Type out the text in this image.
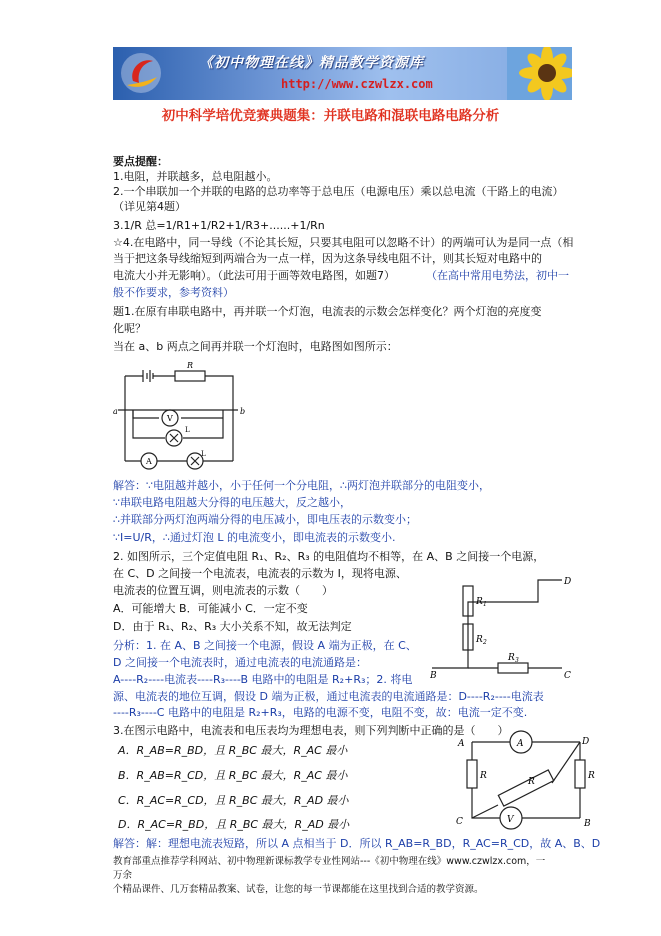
《初中物理在线》精品教学资源库
http://www.czwlzx.com
初中科学培优竞赛典题集：并联电路和混联电路电路分析
要点提醒：
1.电阻，并联越多，总电阻越小。
2.一个串联加一个并联的电路的总功率等于总电压（电源电压）乘以总电流（干路上的电流）
（详见第4题）
3.1/R 总=1/R1+1/R2+1/R3+......+1/Rn
☆4.在电路中，同一导线（不论其长短，只要其电阻可以忽略不计）的两端可认为是同一点（相
当于把这条导线缩短到两端合为一点一样，因为这条导线电阻不计，则其长短对电路中的
电流大小并无影响）。（此法可用于画等效电路图，如题7）	（在高中常用电势法，初中一
般不作要求，参考资料）
题1.在原有串联电路中，再并联一个灯泡，电流表的示数会怎样变化？两个灯泡的亮度变
化呢？
当在 a、b 两点之间再并联一个灯泡时，电路图如图所示：
R
a	b
V
L
L
A
解答：∵电阻越并越小，小于任何一个分电阻，∴两灯泡并联部分的电阻变小，
∵串联电路电阻越大分得的电压越大，反之越小，
∴并联部分两灯泡两端分得的电压减小，即电压表的示数变小；
∵I=U/R，∴通过灯泡 L 的电流变小，即电流表的示数变小.
2. 如图所示，三个定值电阻 R₁、R₂、R₃ 的电阻值均不相等，在 A、B 之间接一个电源，
在 C、D 之间接一个电流表，电流表的示数为 I，现将电源、
电流表的位置互调，则电流表的示数（　　）
A．可能增大 B．可能减小 C．一定不变
D．由于 R₁、R₂、R₃ 大小关系不知，故无法判定
D
R 1
R 2
R 3
B	C
分析：1. 在 A、B 之间接一个电源，假设 A 端为正极，在 C、
D 之间接一个电流表时，通过电流表的电流通路是：
A----R₂----电流表----R₃----B 电路中的电阻是 R₂+R₃；2. 将电
源、电流表的地位互调，假设 D 端为正极，通过电流表的电流通路是：D----R₂----电流表
----R₃----C 电路中的电阻是 R₂+R₃，电路的电源不变，电阻不变，故：电流一定不变.
3.在图示电路中，电流表和电压表均为理想电表，则下列判断中正确的是（　　）
A．R_AB=R_BD，且 R_BC 最大，R_AC 最小
B．R_AB=R_CD，且 R_BC 最大，R_AC 最小
C．R_AC=R_CD，且 R_BC 最大，R_AD 最小
D．R_AC=R_BD，且 R_BC 最大，R_AD 最小
A	D
A
R	R
R
V
C	B
解答：解：理想电流表短路，所以 A 点相当于 D．所以 R_AB=R_BD，R_AC=R_CD，故 A、B、D
教育部重点推荐学科网站、初中物理新课标教学专业性网站---《初中物理在线》www.czwlzx.com，一万余
个精品课件、几万套精品教案、试卷，让您的每一节课都能在这里找到合适的教学资源。
